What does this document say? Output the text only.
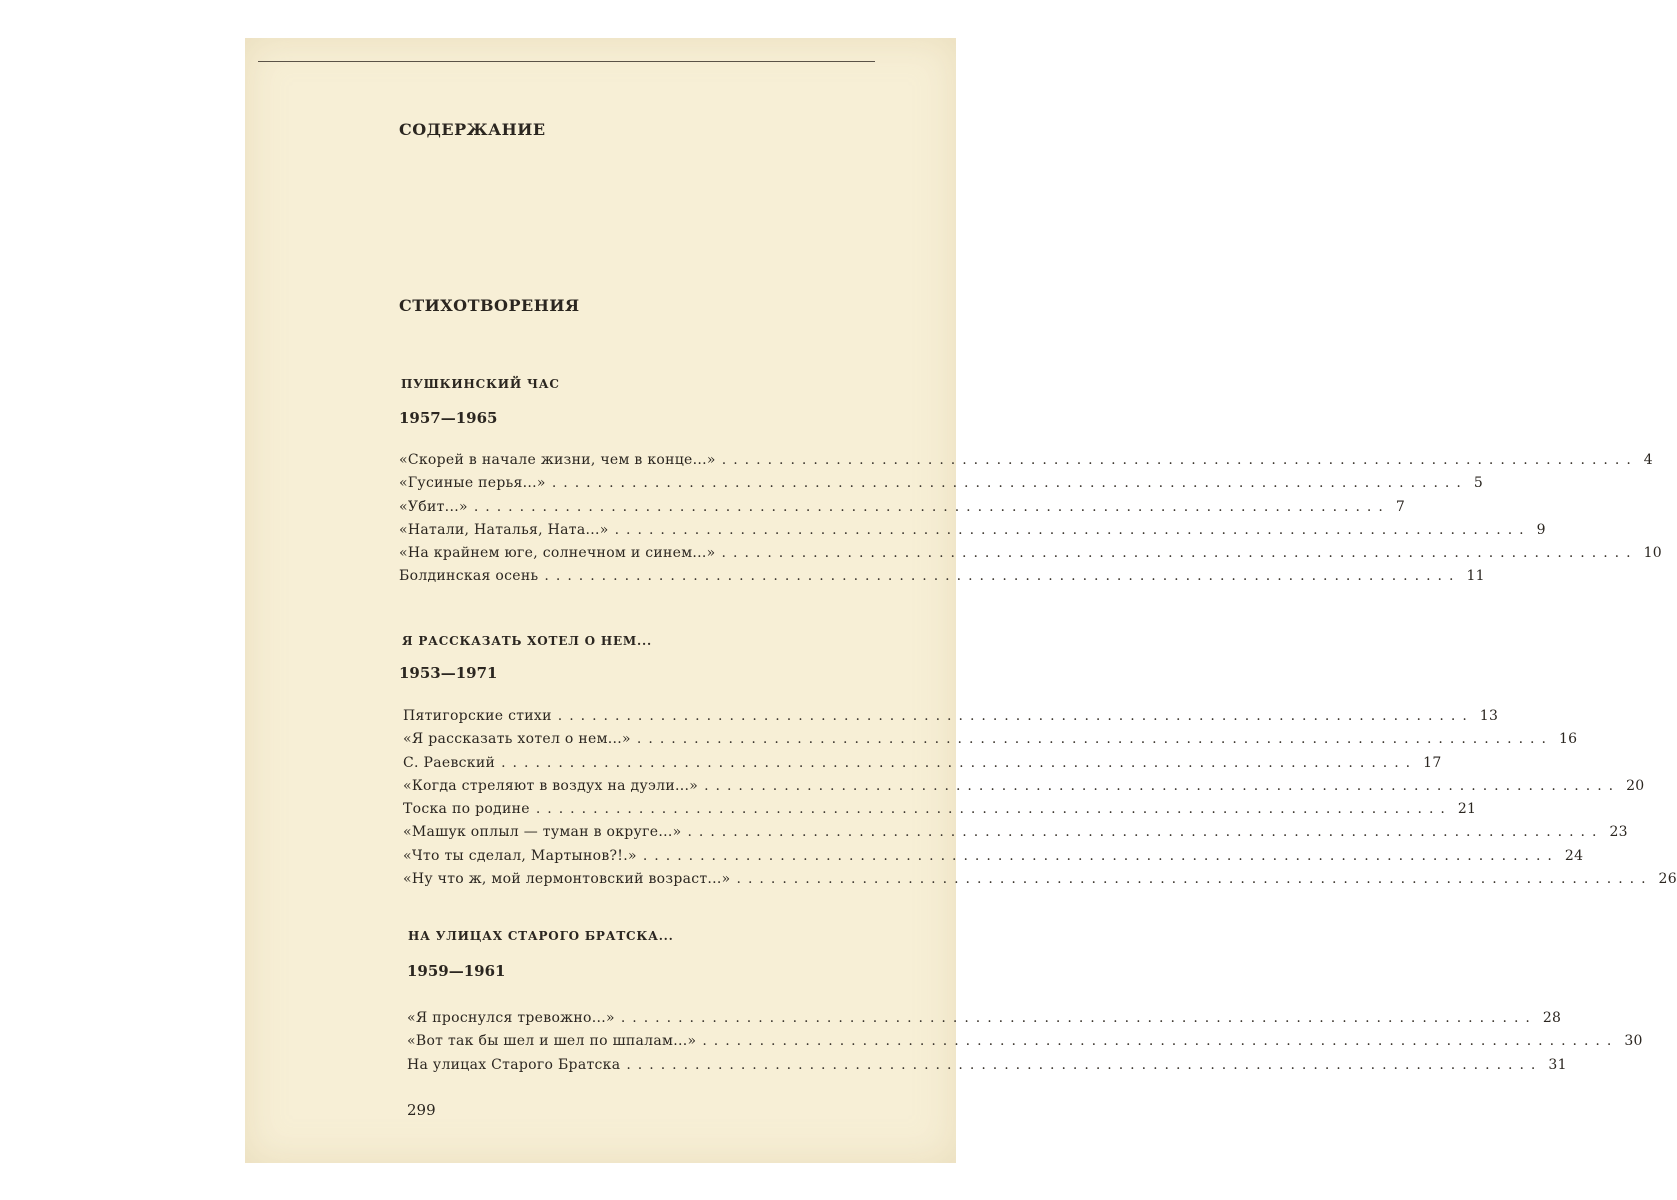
СОДЕРЖАНИЕ
СТИХОТВОРЕНИЯ
ПУШКИНСКИЙ ЧАС
1957—1965
«Скорей в начале жизни, чем в конце...» ................................................................................ 4
«Гусиные перья...» ................................................................................ 5
«Убит...» ................................................................................ 7
«Натали, Наталья, Ната...» ................................................................................ 9
«На крайнем юге, солнечном и синем...» ................................................................................ 10
Болдинская осень ................................................................................ 11
Я РАССКАЗАТЬ ХОТЕЛ О НЕМ...
1953—1971
Пятигорские стихи ................................................................................ 13
«Я рассказать хотел о нем...» ................................................................................ 16
С. Раевский ................................................................................ 17
«Когда стреляют в воздух на дуэли...» ................................................................................ 20
Тоска по родине ................................................................................ 21
«Машук оплыл — туман в округе...» ................................................................................ 23
«Что ты сделал, Мартынов?!.» ................................................................................ 24
«Ну что ж, мой лермонтовский возраст...» ................................................................................ 26
НА УЛИЦАХ СТАРОГО БРАТСКА...
1959—1961
«Я проснулся тревожно...» ................................................................................ 28
«Вот так бы шел и шел по шпалам...» ................................................................................ 30
На улицах Старого Братска ................................................................................ 31
299
